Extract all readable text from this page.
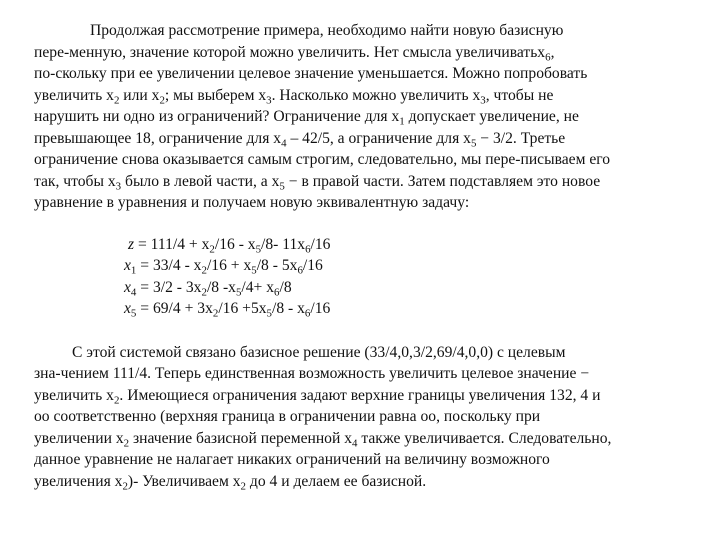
Продолжая рассмотрение примера, необходимо найти новую базисную
пере-менную, значение которой можно увеличить. Нет смысла увеличиватьx$_6$,
по-скольку при ее увеличении целевое значение уменьшается. Можно попробовать
увеличить $x_2$ или $x_2$; мы выберем $x_3$. Насколько можно увеличить $x_3$, чтобы не
нарушить ни одно из ограничений? Ограничение для $x_1$ допускает увеличение, не
превышающее 18, ограничение для $x_4 - 42/5$, а ограничение для $x_5 - 3/2$. Третье
ограничение снова оказывается самым строгим, следовательно, мы пере-писываем его
так, чтобы $x_3$ было в левой части, а $x_5 - в$ правой части. Затем подставляем это новое
уравнение в уравнения и получаем новую эквивалентную задачу:
$z = 111/4 + x_2/16 - x_5/8-$ $11x_6/16$
$x_1 = 33/4 - x_2/16 + x_5/8 - 5x_6/16$
$x_4 = 3/2 - 3x_2/8$ $-x_5/4+ x_6/8$
$x_5 = 69/4 + 3x_2/16 +5x_5/8 - x_6/16$
С этой системой связано базисное решение (33/4,0,3/2,69/4,0,0) с целевым
зна-чением 111/4. Теперь единственная возможность увеличить целевое значение −
увеличить $x_2$. Имеющиеся ограничения задают верхние границы увеличения 132, 4 и
оо соответственно (верхняя граница в ограничении равна оо, поскольку при
увеличении $x_2$ значение базисной переменной $x_4$ также увеличивается. Следовательно,
данное уравнение не налагает никаких ограничений на величину возможного
увеличения $x_2)-$ Увеличиваем $x_2$ до 4 и делаем ее базисной.
